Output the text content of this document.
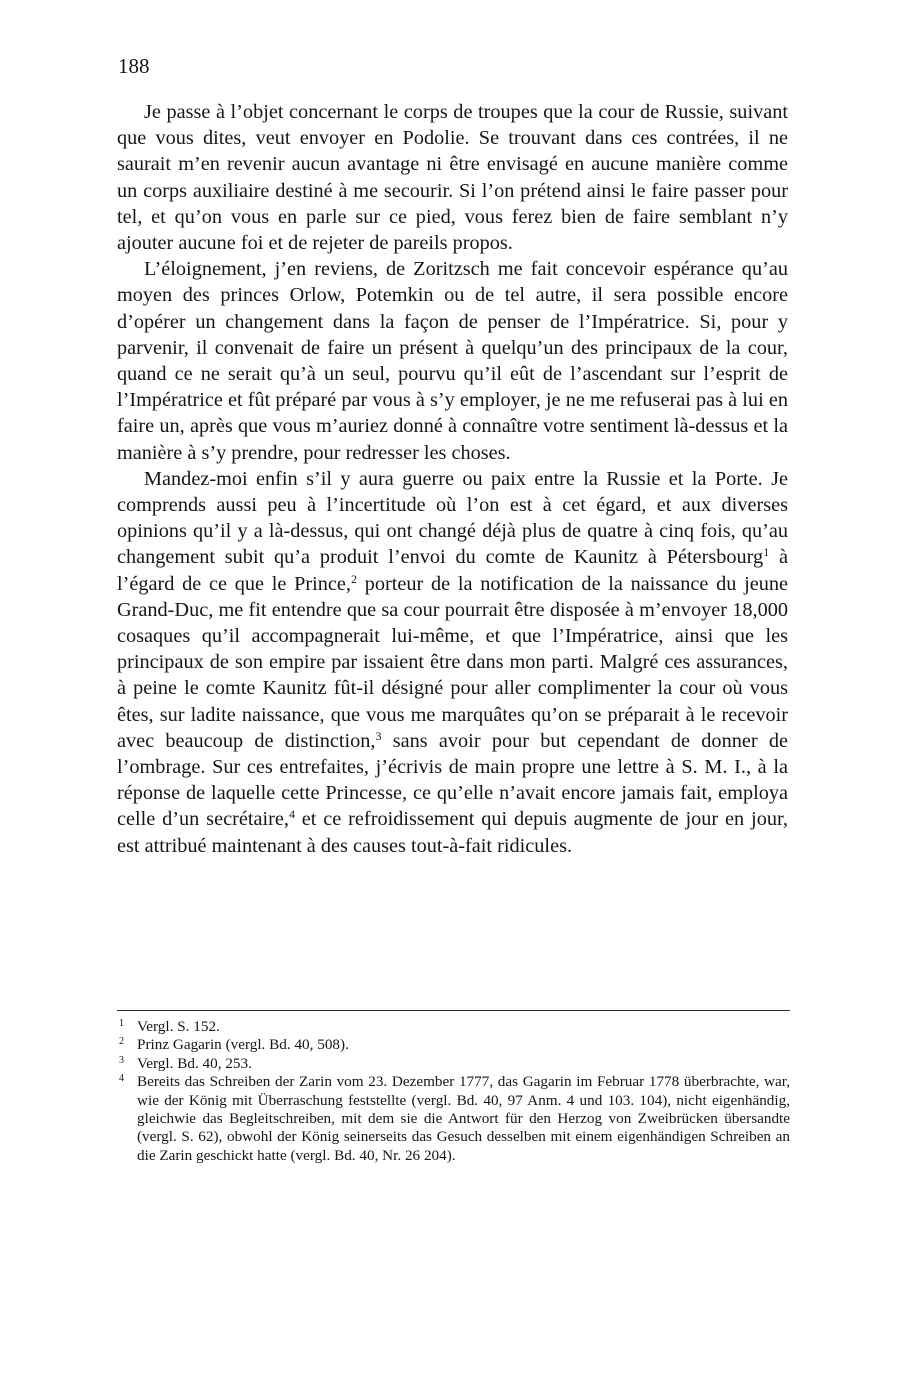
188

Je passe à l’objet concernant le corps de troupes que la cour de Russie, suivant que vous dites, veut envoyer en Podolie. Se trouvant dans ces contrées, il ne saurait m’en revenir aucun avantage ni être envisagé en aucune manière comme un corps auxiliaire destiné à me secourir. Si l’on prétend ainsi le faire passer pour tel, et qu’on vous en parle sur ce pied, vous ferez bien de faire semblant n’y ajouter aucune foi et de rejeter de pareils propos.

L’éloignement, j’en reviens, de Zoritzsch me fait concevoir espérance qu’au moyen des princes Orlow, Potemkin ou de tel autre, il sera possible encore d’opérer un changement dans la façon de penser de l’Impératrice. Si, pour y parvenir, il convenait de faire un présent à quelqu’un des principaux de la cour, quand ce ne serait qu’à un seul, pourvu qu’il eût de l’ascendant sur l’esprit de l’Impératrice et fût préparé par vous à s’y employer, je ne me refuserai pas à lui en faire un, après que vous m’auriez donné à connaître votre sentiment là-dessus et la manière à s’y prendre, pour redresser les choses.

Mandez-moi enfin s’il y aura guerre ou paix entre la Russie et la Porte. Je comprends aussi peu à l’incertitude où l’on est à cet égard, et aux diverses opinions qu’il y a là-dessus, qui ont changé déjà plus de quatre à cinq fois, qu’au changement subit qu’a produit l’envoi du comte de Kaunitz à Pétersbourg$^1$ à l’égard de ce que le Prince,$^2$ porteur de la notification de la naissance du jeune Grand-Duc, me fit entendre que sa cour pourrait être disposée à m’envoyer 18,000 cosaques qu’il accompagnerait lui-même, et que l’Impératrice, ainsi que les principaux de son empire par issaient être dans mon parti. Malgré ces assurances, à peine le comte Kaunitz fût-il désigné pour aller complimenter la cour où vous êtes, sur ladite naissance, que vous me marquâtes qu’on se préparait à le recevoir avec beaucoup de distinction,$^3$ sans avoir pour but cependant de donner de l’ombrage. Sur ces entrefaites, j’écrivis de main propre une lettre à S. M. I., à la réponse de laquelle cette Princesse, ce qu’elle n’avait encore jamais fait, employa celle d’un secrétaire,$^4$ et ce refroidissement qui depuis augmente de jour en jour, est attribué maintenant à des causes tout-à-fait ridicules.

1 Vergl. S. 152.
2 Prinz Gagarin (vergl. Bd. 40, 508).
3 Vergl. Bd. 40, 253.
4 Bereits das Schreiben der Zarin vom 23. Dezember 1777, das Gagarin im Februar 1778 überbrachte, war, wie der König mit Überraschung feststellte (vergl. Bd. 40, 97 Anm. 4 und 103. 104), nicht eigenhändig, gleichwie das Begleitschreiben, mit dem sie die Antwort für den Herzog von Zweibrücken übersandte (vergl. S. 62), obwohl der König seinerseits das Gesuch desselben mit einem eigenhändigen Schreiben an die Zarin geschickt hatte (vergl. Bd. 40, Nr. 26 204).
